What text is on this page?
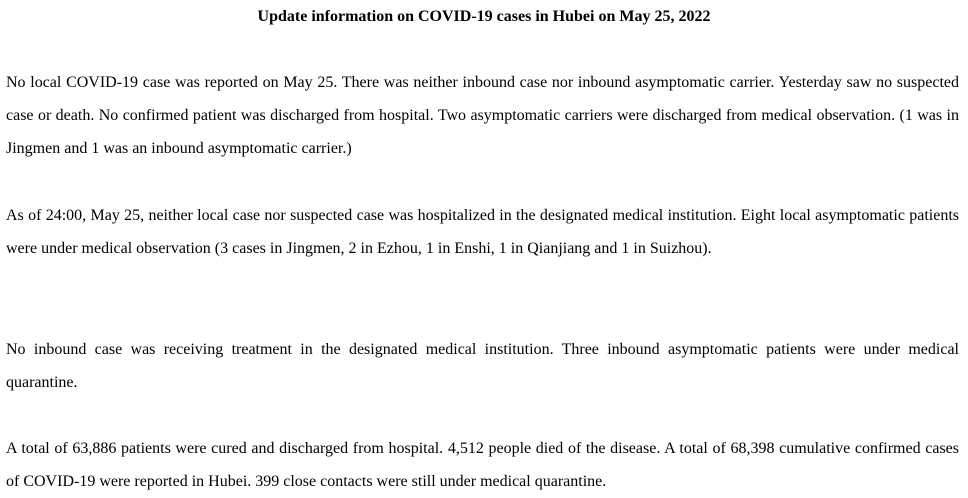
Update information on COVID-19 cases in Hubei on May 25, 2022

No local COVID-19 case was reported on May 25. There was neither inbound case nor inbound asymptomatic carrier. Yesterday saw no suspected case or death. No confirmed patient was discharged from hospital. Two asymptomatic carriers were discharged from medical observation. (1 was in Jingmen and 1 was an inbound asymptomatic carrier.)

As of 24:00, May 25, neither local case nor suspected case was hospitalized in the designated medical institution. Eight local asymptomatic patients were under medical observation (3 cases in Jingmen, 2 in Ezhou, 1 in Enshi, 1 in Qianjiang and 1 in Suizhou).

No inbound case was receiving treatment in the designated medical institution. Three inbound asymptomatic patients were under medical quarantine.

A total of 63,886 patients were cured and discharged from hospital. 4,512 people died of the disease. A total of 68,398 cumulative confirmed cases of COVID-19 were reported in Hubei. 399 close contacts were still under medical quarantine.
